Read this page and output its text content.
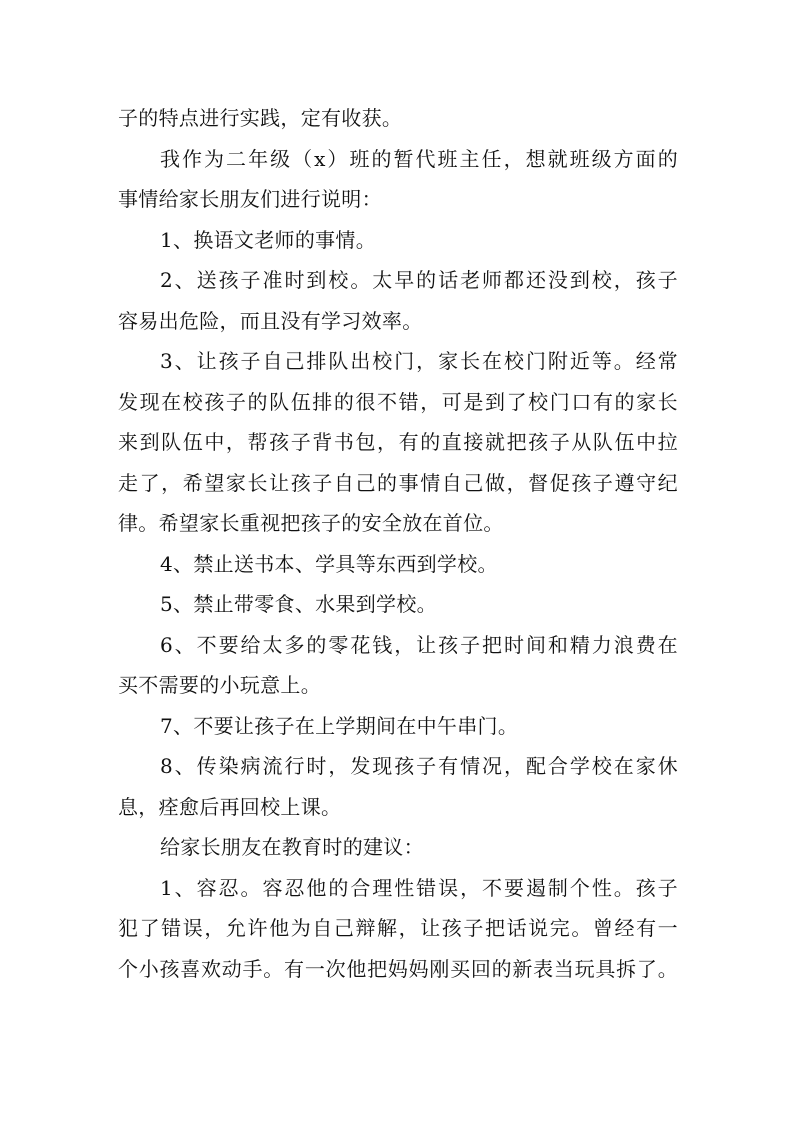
子的特点进行实践，定有收获。
我作为二年级（x）班的暂代班主任，想就班级方面的
事情给家长朋友们进行说明：
1、换语文老师的事情。
2、送孩子准时到校。太早的话老师都还没到校，孩子
容易出危险，而且没有学习效率。
3、让孩子自己排队出校门，家长在校门附近等。经常
发现在校孩子的队伍排的很不错，可是到了校门口有的家长
来到队伍中，帮孩子背书包，有的直接就把孩子从队伍中拉
走了，希望家长让孩子自己的事情自己做，督促孩子遵守纪
律。希望家长重视把孩子的安全放在首位。
4、禁止送书本、学具等东西到学校。
5、禁止带零食、水果到学校。
6、不要给太多的零花钱，让孩子把时间和精力浪费在
买不需要的小玩意上。
7、不要让孩子在上学期间在中午串门。
8、传染病流行时，发现孩子有情况，配合学校在家休
息，痊愈后再回校上课。
给家长朋友在教育时的建议：
1、容忍。容忍他的合理性错误，不要遏制个性。孩子
犯了错误，允许他为自己辩解，让孩子把话说完。曾经有一
个小孩喜欢动手。有一次他把妈妈刚买回的新表当玩具拆了。
